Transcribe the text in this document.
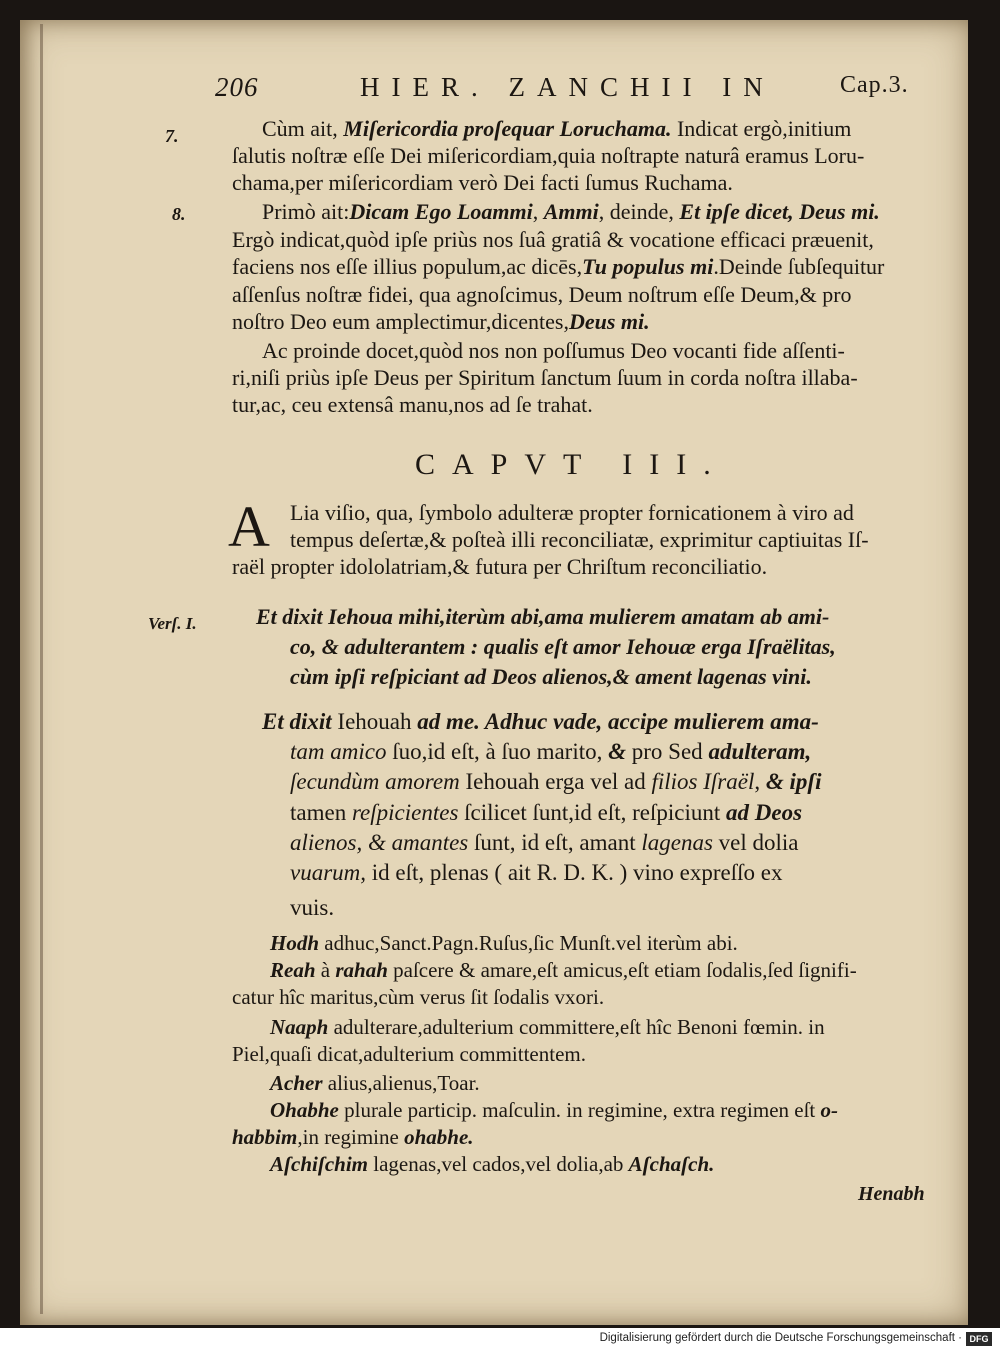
206	HIER. ZANCHII IN	Cap.3.
7.
8.
Verſ. I.
Cùm ait, Miſericordia proſequar Loruchama. Indicat ergò,initium
ſalutis noſtræ eſſe Dei miſericordiam,quia noſtrapte naturâ eramus Loru-
chama,per miſericordiam verò Dei facti ſumus Ruchama.
Primò ait:Dicam Ego Loammi, Ammi, deinde, Et ipſe dicet, Deus mi.
Ergò indicat,quòd ipſe priùs nos ſuâ gratiâ & vocatione efficaci præuenit,
faciens nos eſſe illius populum,ac dicēs,Tu populus mi.Deinde ſubſequitur
aſſenſus noſtræ fidei, qua agnoſcimus, Deum noſtrum eſſe Deum,& pro
noſtro Deo eum amplectimur,dicentes,Deus mi.
Ac proinde docet,quòd nos non poſſumus Deo vocanti fide aſſenti-
ri,niſi priùs ipſe Deus per Spiritum ſanctum ſuum in corda noſtra illaba-
tur,ac, ceu extensâ manu,nos ad ſe trahat.
CAPVT III.
A Lia viſio, qua, ſymbolo adulteræ propter fornicationem à viro ad
tempus deſertæ,& poſteà illi reconciliatæ, exprimitur captiuitas Iſ-
raël propter idololatriam,& futura per Chriſtum reconciliatio.
Et dixit Iehoua mihi,iterùm abi,ama mulierem amatam ab ami-
co, & adulterantem : qualis eſt amor Iehouæ erga Iſraëlitas,
cùm ipſi reſpiciant ad Deos alienos,& ament lagenas vini.
Et dixit Iehouah ad me. Adhuc vade, accipe mulierem ama-
tam amico ſuo,id eſt, à ſuo marito, & pro Sed adulteram,
ſecundùm amorem Iehouah erga vel ad filios Iſraël, & ipſi
tamen reſpicientes ſcilicet ſunt,id eſt, reſpiciunt ad Deos
alienos, & amantes ſunt, id eſt, amant lagenas vel dolia
vuarum, id eſt, plenas ( ait R. D. K. ) vino expreſſo ex
vuis.
Hodh adhuc,Sanct.Pagn.Ruſus,ſic Munſt.vel iterùm abi.
Reah à rahah paſcere & amare,eſt amicus,eſt etiam ſodalis,ſed ſignifi-
catur hîc maritus,cùm verus ſit ſodalis vxori.
Naaph adulterare,adulterium committere,eſt hîc Benoni fœmin. in
Piel,quaſi dicat,adulterium committentem.
Acher alius,alienus,Toar.
Ohabhe plurale particip. maſculin. in regimine, extra regimen eſt o-
habbim,in regimine ohabhe.
Aſchiſchim lagenas,vel cados,vel dolia,ab Aſchaſch.
Henabh
Digitalisierung gefördert durch die Deutsche Forschungsgemeinschaft · DFG
